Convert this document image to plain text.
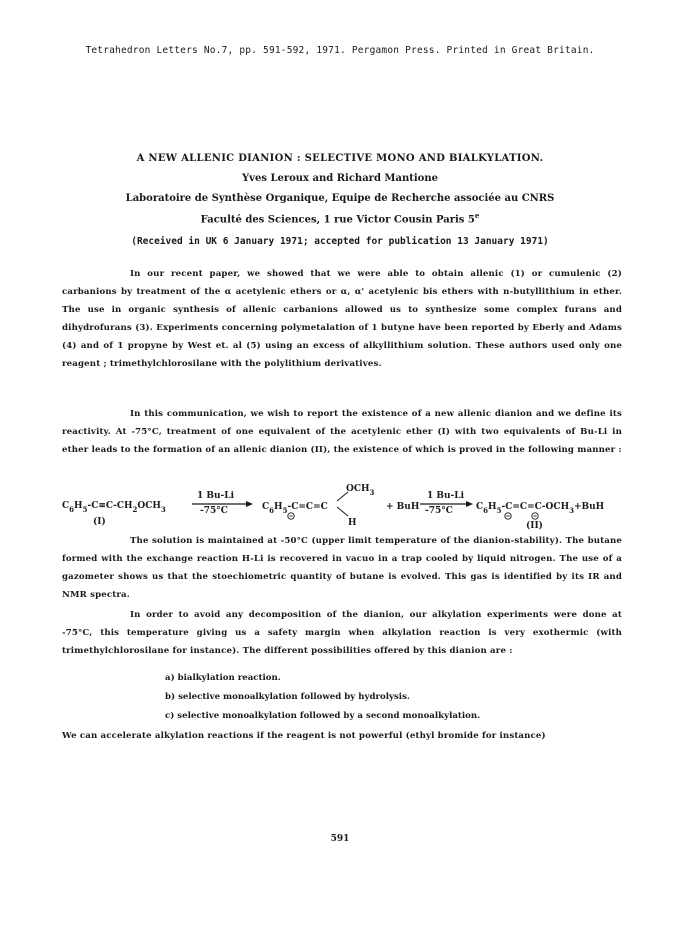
Tetrahedron Letters No.7, pp. 591-592, 1971. Pergamon Press. Printed in Great Britain.
A NEW ALLENIC DIANION : SELECTIVE MONO AND BIALKYLATION.
Yves Leroux and Richard Mantione
Laboratoire de Synthèse Organique, Equipe de Recherche associée au CNRS
Faculté des Sciences, 1 rue Victor Cousin Paris 5e
(Received in UK 6 January 1971; accepted for publication 13 January 1971)

In our recent paper, we showed that we were able to obtain allenic (1) or cumulenic (2) carbanions by treatment of the α acetylenic ethers or α, α' acetylenic bis ethers with n-butyllithium in ether. The use in organic synthesis of allenic carbanions allowed us to synthesize some complex furans and dihydrofurans (3). Experiments concerning polymetalation of 1 butyne have been reported by Eberly and Adams (4) and of 1 propyne by West et. al (5) using an excess of alkyllithium solution. These authors used only one reagent ; trimethylchlorosilane with the polylithium derivatives.

In this communication, we wish to report the existence of a new allenic dianion and we define its reactivity. At -75°C, treatment of one equivalent of the acetylenic ether (I) with two equivalents of Bu-Li in ether leads to the formation of an allenic dianion (II), the existence of which is proved in the following manner :

$C_6H_5-C\equiv C-CH_2OCH_3$
(I)
1 Bu-Li
-75°C	$C_6H_5-C=C=C$
$OCH_3$
H
+ BuH
1 Bu-Li
-75°C	$C_6H_5-C=C=C-OCH_3+BuH$
(II)

The solution is maintained at -50°C (upper limit temperature of the dianion-stability). The butane formed with the exchange reaction H-Li is recovered in vacuo in a trap cooled by liquid nitrogen. The use of a gazometer shows us that the stoechiometric quantity of butane is evolved. This gas is identified by its IR and NMR spectra.

In order to avoid any decomposition of the dianion, our alkylation experiments were done at -75°C, this temperature giving us a safety margin when alkylation reaction is very exothermic (with trimethylchlorosilane for instance). The different possibilities offered by this dianion are :

a) bialkylation reaction.
b) selective monoalkylation followed by hydrolysis.
c) selective monoalkylation followed by a second monoalkylation.

We can accelerate alkylation reactions if the reagent is not powerful (ethyl bromide for instance)

591
